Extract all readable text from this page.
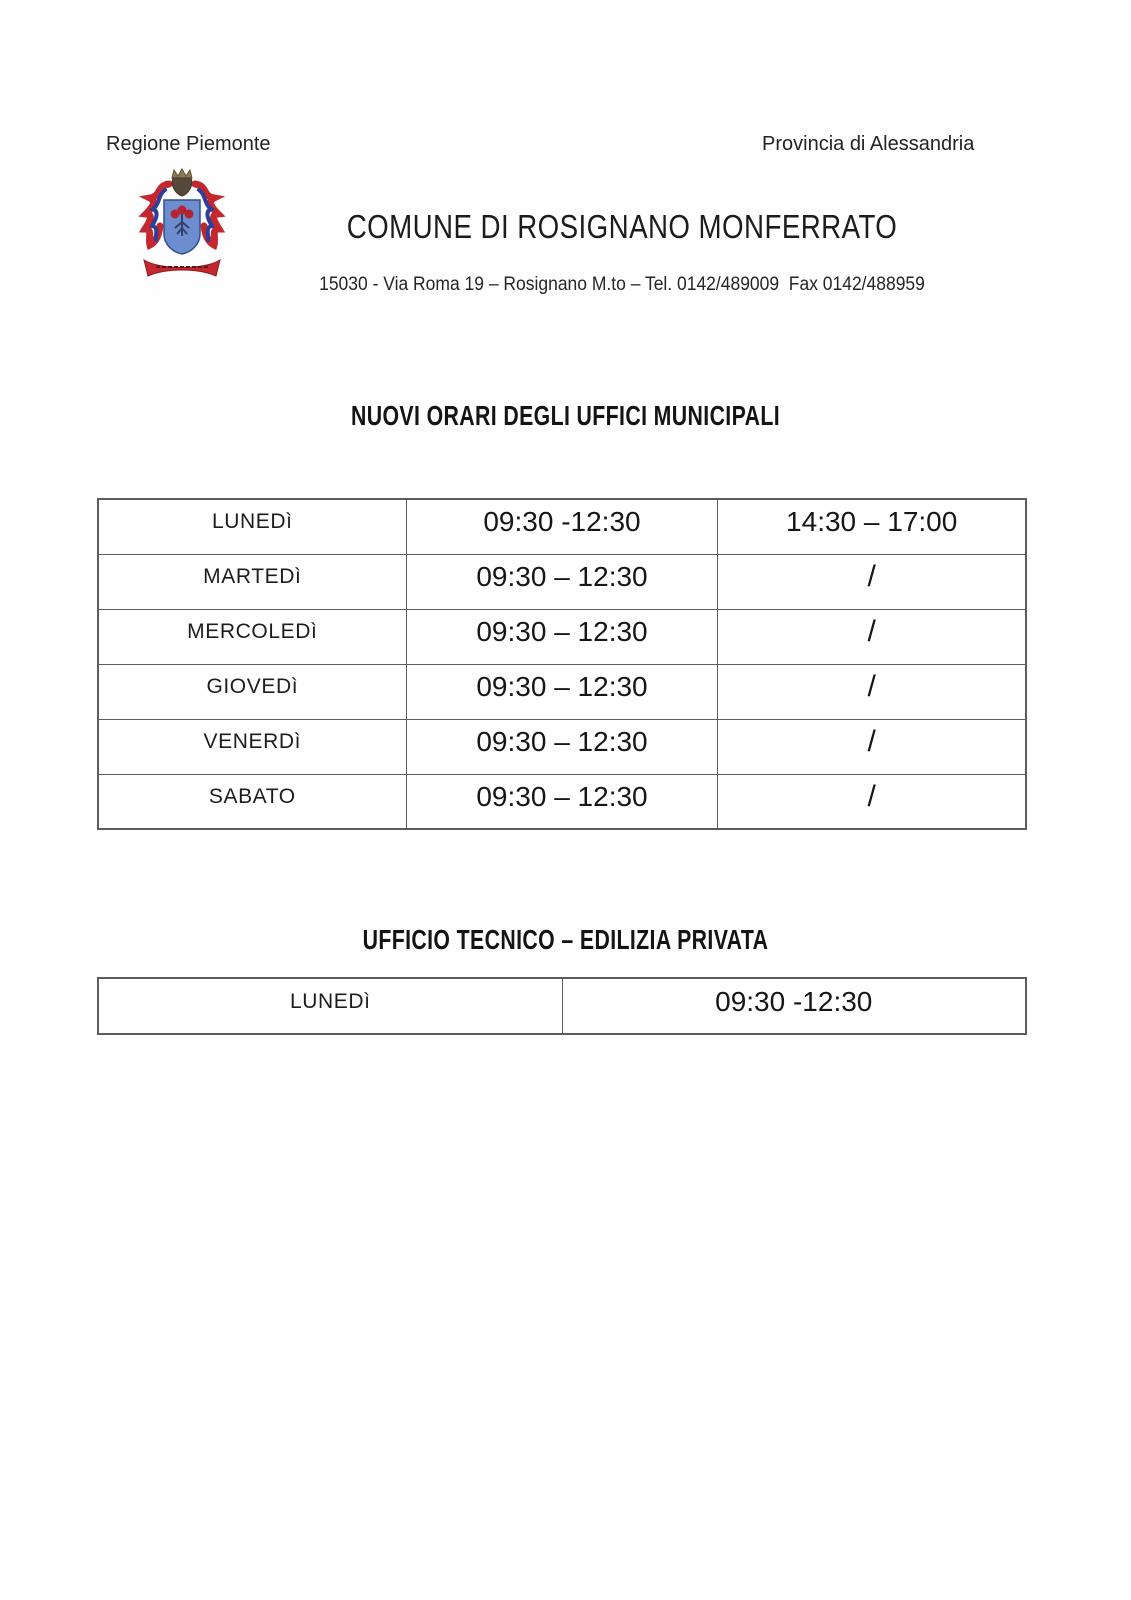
Regione Piemonte	Provincia di Alessandria
COMUNE DI ROSIGNANO MONFERRATO
15030 - Via Roma 19 – Rosignano M.to – Tel. 0142/489009  Fax 0142/488959
NUOVI ORARI DEGLI UFFICI MUNICIPALI
LUNEDì	09:30 -12:30	14:30 – 17:00
MARTEDì	09:30 – 12:30	/
MERCOLEDì	09:30 – 12:30	/
GIOVEDì	09:30 – 12:30	/
VENERDì	09:30 – 12:30	/
SABATO	09:30 – 12:30	/
UFFICIO TECNICO – EDILIZIA PRIVATA
LUNEDì	09:30 -12:30
